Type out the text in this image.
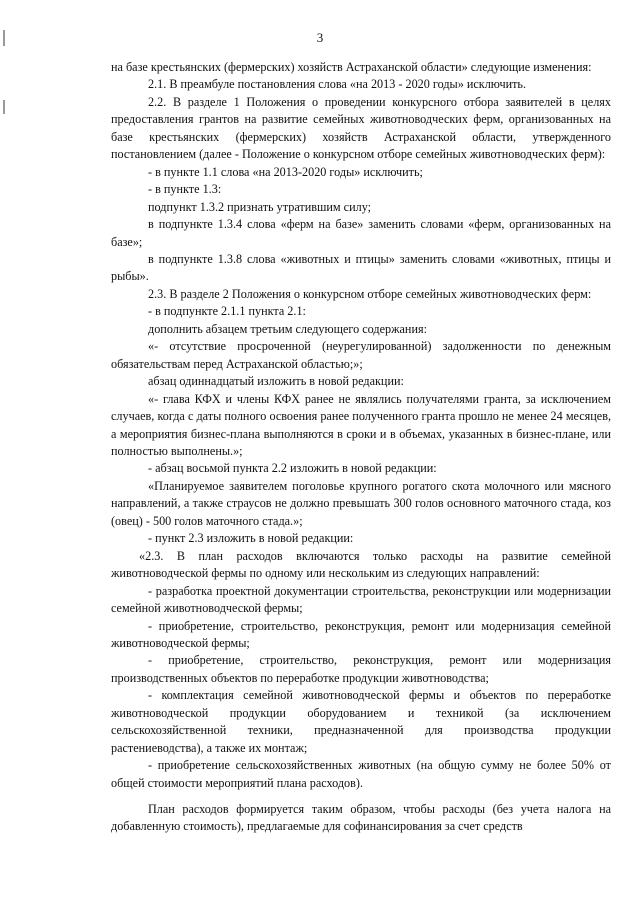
3

на базе крестьянских (фермерских) хозяйств Астраханской области» следующие изменения:

2.1. В преамбуле постановления слова «на 2013 - 2020 годы» исключить.

2.2. В разделе 1 Положения о проведении конкурсного отбора заявителей в целях предоставления грантов на развитие семейных животноводческих ферм, организованных на базе крестьянских (фермерских) хозяйств Астраханской области, утвержденного постановлением (далее - Положение о конкурсном отборе семейных животноводческих ферм):

- в пункте 1.1 слова «на 2013-2020 годы» исключить;

- в пункте 1.3:

подпункт 1.3.2 признать утратившим силу;

в подпункте 1.3.4 слова «ферм на базе» заменить словами «ферм, организованных на базе»;

в подпункте 1.3.8 слова «животных и птицы» заменить словами «животных, птицы и рыбы».

2.3. В разделе 2 Положения о конкурсном отборе семейных животноводческих ферм:

- в подпункте 2.1.1 пункта 2.1:

дополнить абзацем третьим следующего содержания:

«- отсутствие просроченной (неурегулированной) задолженности по денежным обязательствам перед Астраханской областью;»;

абзац одиннадцатый изложить в новой редакции:

«- глава КФХ и члены КФХ ранее не являлись получателями гранта, за исключением случаев, когда с даты полного освоения ранее полученного гранта прошло не менее 24 месяцев, а мероприятия бизнес-плана выполняются в сроки и в объемах, указанных в бизнес-плане, или полностью выполнены.»;

- абзац восьмой пункта 2.2 изложить в новой редакции:

«Планируемое заявителем поголовье крупного рогатого скота молочного или мясного направлений, а также страусов не должно превышать 300 голов основного маточного стада, коз (овец) - 500 голов маточного стада.»;

- пункт 2.3 изложить в новой редакции:

«2.3. В план расходов включаются только расходы на развитие семейной животноводческой фермы по одному или нескольким из следующих направлений:

- разработка проектной документации строительства, реконструкции или модернизации семейной животноводческой фермы;

- приобретение, строительство, реконструкция, ремонт или модернизация семейной животноводческой фермы;

- приобретение, строительство, реконструкция, ремонт или модернизация производственных объектов по переработке продукции животноводства;

- комплектация семейной животноводческой фермы и объектов по переработке животноводческой продукции оборудованием и техникой (за исключением сельскохозяйственной техники, предназначенной для производства продукции растениеводства), а также их монтаж;

- приобретение сельскохозяйственных животных (на общую сумму не более 50% от общей стоимости мероприятий плана расходов).

План расходов формируется таким образом, чтобы расходы (без учета налога на добавленную стоимость), предлагаемые для софинансирования за счет средств
